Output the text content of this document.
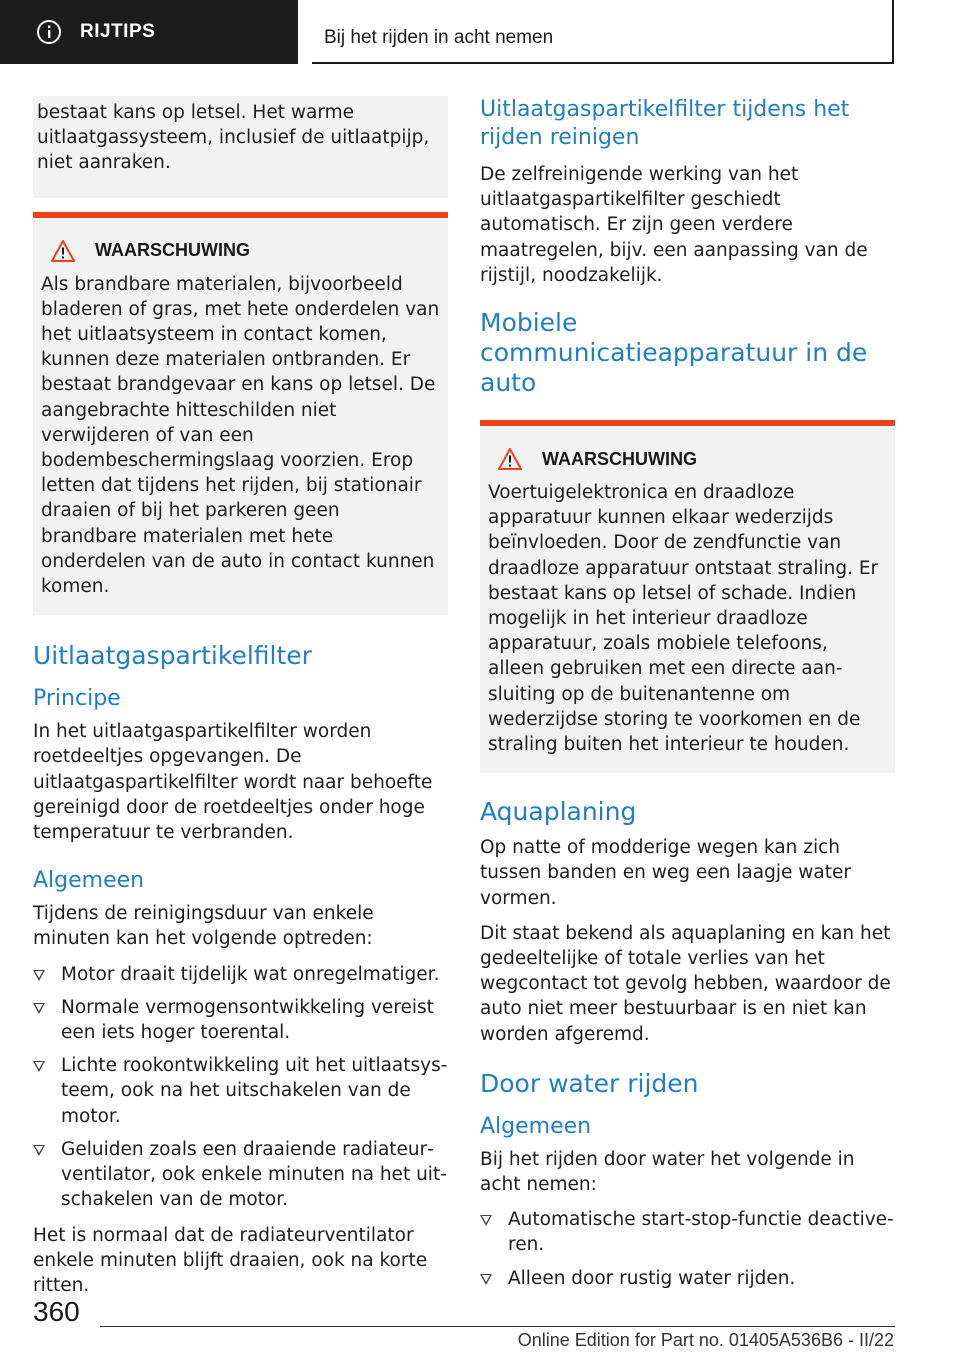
RIJTIPS	Bij het rijden in acht nemen

bestaat kans op letsel. Het warme uitlaatgassysteem, inclusief de uitlaatpijp, niet aanraken.

WAARSCHUWING

Als brandbare materialen, bijvoorbeeld bladeren of gras, met hete onderdelen van het uitlaatsysteem in contact komen, kunnen deze materialen ontbranden. Er bestaat brandgevaar en kans op letsel. De aangebrachte hitteschilden niet verwijderen of van een bodembeschermingslaag voorzien. Erop letten dat tijdens het rijden, bij stationair draaien of bij het parkeren geen brandbare materialen met hete onderdelen van de auto in contact kunnen komen.

Uitlaatgaspartikelfilter
Principe

In het uitlaatgaspartikelfilter worden roetdeeltjes opgevangen. De uitlaatgaspartikelfilter wordt naar behoefte gereinigd door de roetdeeltjes onder hoge temperatuur te verbranden.

Algemeen

Tijdens de reinigingsduur van enkele minuten kan het volgende optreden:

Motor draait tijdelijk wat onregelmatiger.
Normale vermogensontwikkeling vereist een iets hoger toerental.
Lichte rookontwikkeling uit het uitlaatsysteem, ook na het uitschakelen van de motor.
Geluiden zoals een draaiende radiateurventilator, ook enkele minuten na het uitschakelen van de motor.

Het is normaal dat de radiateurventilator enkele minuten blijft draaien, ook na korte ritten.

Uitlaatgaspartikelfilter tijdens het rijden reinigen

De zelfreinigende werking van het uitlaatgaspartikelfilter geschiedt automatisch. Er zijn geen verdere maatregelen, bijv. een aanpassing van de rijstijl, noodzakelijk.

Mobiele communicatieapparatuur in de auto
WAARSCHUWING

Voertuigelektronica en draadloze apparatuur kunnen elkaar wederzijds beïnvloeden. Door de zendfunctie van draadloze apparatuur ontstaat straling. Er bestaat kans op letsel of schade. Indien mogelijk in het interieur draadloze apparatuur, zoals mobiele telefoons, alleen gebruiken met een directe aansluiting op de buitenantenne om wederzijdse storing te voorkomen en de straling buiten het interieur te houden.

Aquaplaning

Op natte of modderige wegen kan zich tussen banden en weg een laagje water vormen.

Dit staat bekend als aquaplaning en kan het gedeeltelijke of totale verlies van het wegcontact tot gevolg hebben, waardoor de auto niet meer bestuurbaar is en niet kan worden afgeremd.

Door water rijden
Algemeen

Bij het rijden door water het volgende in acht nemen:

Automatische start-stop-functie deactiveren.
Alleen door rustig water rijden.
360
Online Edition for Part no. 01405A536B6 - II/22
